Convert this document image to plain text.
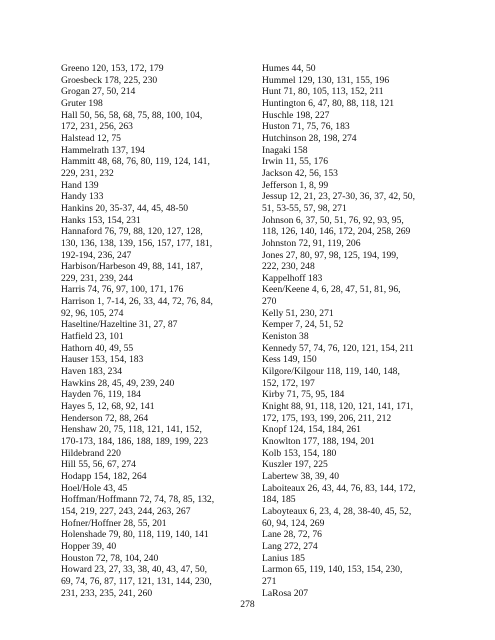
Greeno 120, 153, 172, 179
Groesbeck 178, 225, 230
Grogan 27, 50, 214
Gruter 198
Hall 50, 56, 58, 68, 75, 88, 100, 104,
172, 231, 256, 263
Halstead 12, 75
Hammelrath 137, 194
Hammitt 48, 68, 76, 80, 119, 124, 141,
229, 231, 232
Hand 139
Handy 133
Hankins 20, 35-37, 44, 45, 48-50
Hanks 153, 154, 231
Hannaford 76, 79, 88, 120, 127, 128,
130, 136, 138, 139, 156, 157, 177, 181,
192-194, 236, 247
Harbison/Harbeson 49, 88, 141, 187,
229, 231, 239, 244
Harris 74, 76, 97, 100, 171, 176
Harrison 1, 7-14, 26, 33, 44, 72, 76, 84,
92, 96, 105, 274
Haseltine/Hazeltine 31, 27, 87
Hatfield 23, 101
Hathorn 40, 49, 55
Hauser 153, 154, 183
Haven 183, 234
Hawkins 28, 45, 49, 239, 240
Hayden 76, 119, 184
Hayes 5, 12, 68, 92, 141
Henderson 72, 88, 264
Henshaw 20, 75, 118, 121, 141, 152,
170-173, 184, 186, 188, 189, 199, 223
Hildebrand 220
Hill 55, 56, 67, 274
Hodapp 154, 182, 264
Hoel/Hole 43, 45
Hoffman/Hoffmann 72, 74, 78, 85, 132,
154, 219, 227, 243, 244, 263, 267
Hofner/Hoffner 28, 55, 201
Holenshade 79, 80, 118, 119, 140, 141
Hopper 39, 40
Houston 72, 78, 104, 240
Howard 23, 27, 33, 38, 40, 43, 47, 50,
69, 74, 76, 87, 117, 121, 131, 144, 230,
231, 233, 235, 241, 260
Humes 44, 50
Hummel 129, 130, 131, 155, 196
Hunt 71, 80, 105, 113, 152, 211
Huntington 6, 47, 80, 88, 118, 121
Huschle 198, 227
Huston 71, 75, 76, 183
Hutchinson 28, 198, 274
Inagaki 158
Irwin 11, 55, 176
Jackson 42, 56, 153
Jefferson 1, 8, 99
Jessup 12, 21, 23, 27-30, 36, 37, 42, 50,
51, 53-55, 57, 98, 271
Johnson 6, 37, 50, 51, 76, 92, 93, 95,
118, 126, 140, 146, 172, 204, 258, 269
Johnston 72, 91, 119, 206
Jones 27, 80, 97, 98, 125, 194, 199,
222, 230, 248
Kappelhoff 183
Keen/Keene 4, 6, 28, 47, 51, 81, 96,
270
Kelly 51, 230, 271
Kemper 7, 24, 51, 52
Keniston 38
Kennedy 57, 74, 76, 120, 121, 154, 211
Kess 149, 150
Kilgore/Kilgour 118, 119, 140, 148,
152, 172, 197
Kirby 71, 75, 95, 184
Knight 88, 91, 118, 120, 121, 141, 171,
172, 175, 193, 199, 206, 211, 212
Knopf 124, 154, 184, 261
Knowlton 177, 188, 194, 201
Kolb 153, 154, 180
Kuszler 197, 225
Labertew 38, 39, 40
Laboiteaux 26, 43, 44, 76, 83, 144, 172,
184, 185
Laboyteaux 6, 23, 4, 28, 38-40, 45, 52,
60, 94, 124, 269
Lane 28, 72, 76
Lang 272, 274
Lanius 185
Larmon 65, 119, 140, 153, 154, 230,
271
LaRosa 207
278
